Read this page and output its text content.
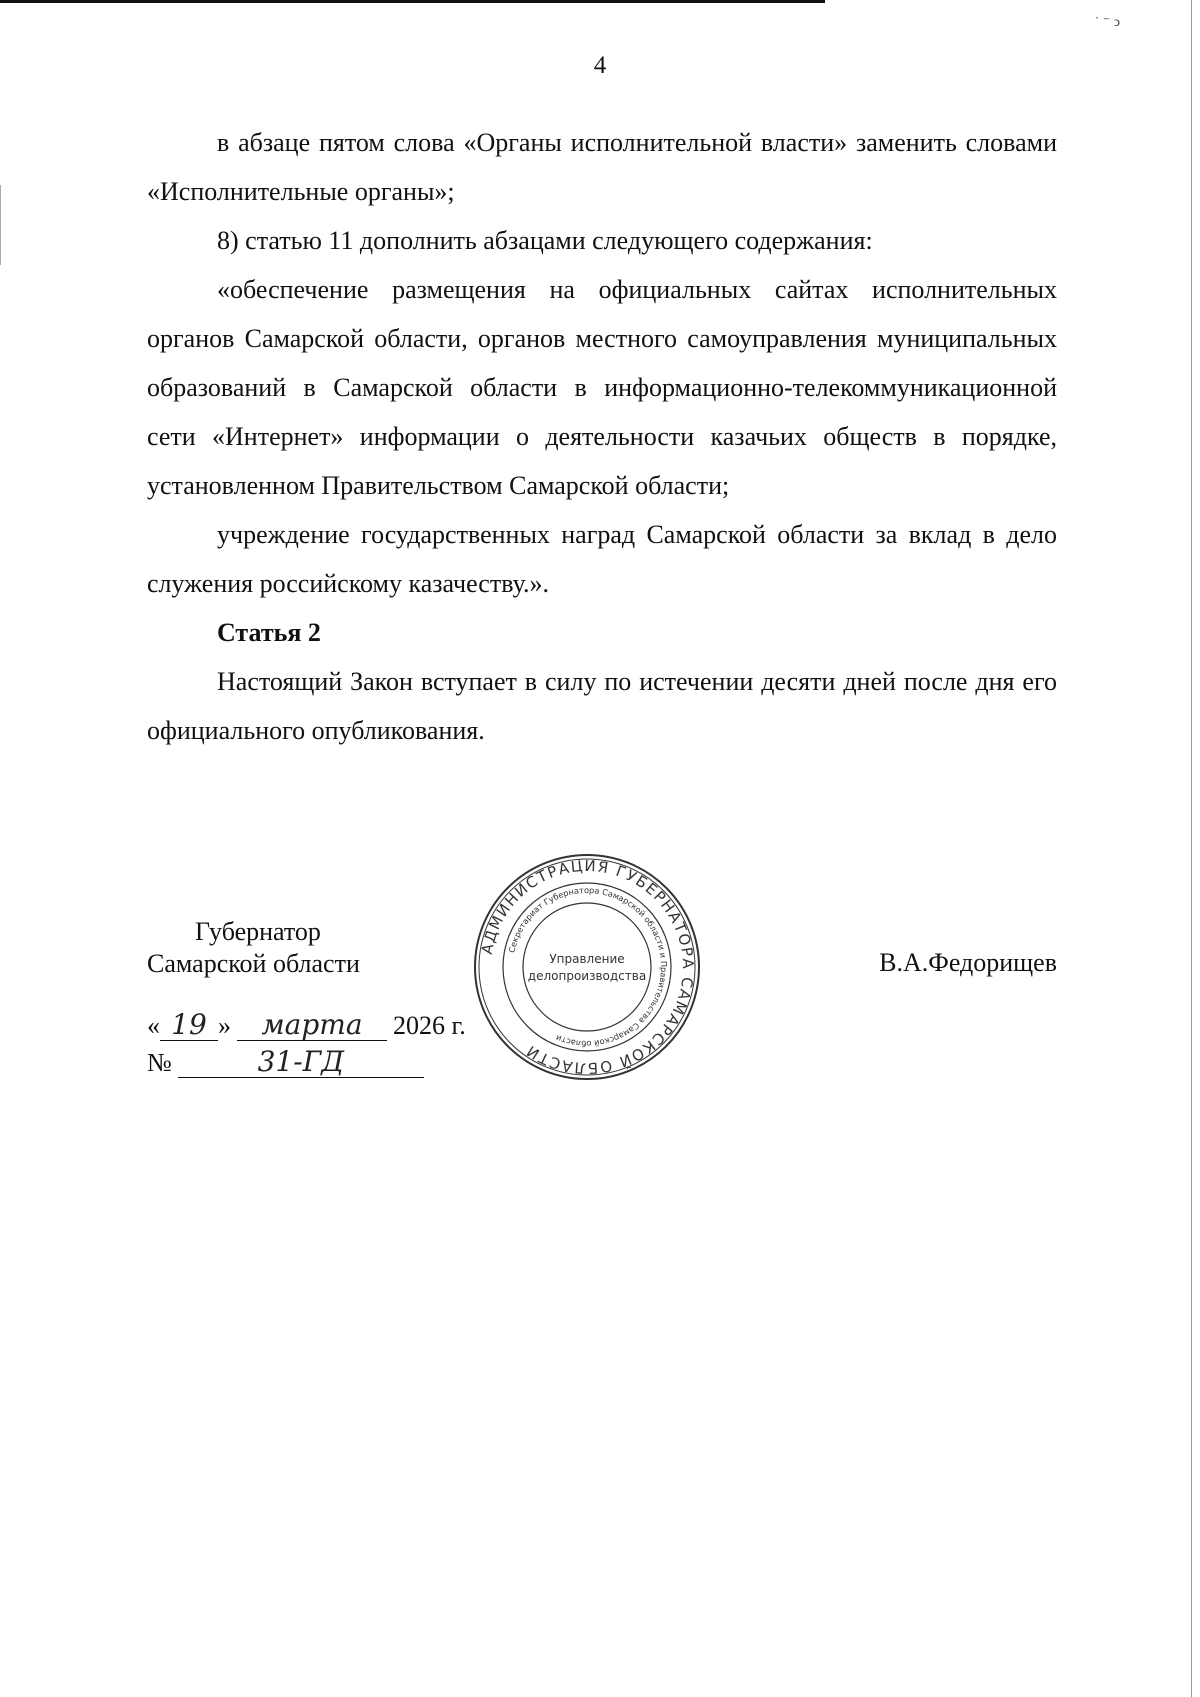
˙ ⁻ ↄ
4

в абзаце пятом слова «Органы исполнительной власти» заменить словами «Исполнительные органы»;

8) статью 11 дополнить абзацами следующего содержания:

«обеспечение размещения на официальных сайтах исполнительных органов Самарской области, органов местного самоуправления муниципальных образований в Самарской области в информационно-телекоммуникационной сети «Интернет» информации о деятельности казачьих обществ в порядке, установленном Правительством Самарской области;

учреждение государственных наград Самарской области за вклад в дело служения российскому казачеству.».

Статья 2

Настоящий Закон вступает в силу по истечении десяти дней после дня его официального опубликования.

Губернатор
Самарской области	В.А.Федорищев
« 19 » марта 2026 г.
№	31-ГД
АДМИНИСТРАЦИЯ ГУБЕРНАТОРА САМАРСКОЙ ОБЛАСТИ
Секретариат Губернатора Самарской области и Правительства Самарской области
Управление
делопроизводства
